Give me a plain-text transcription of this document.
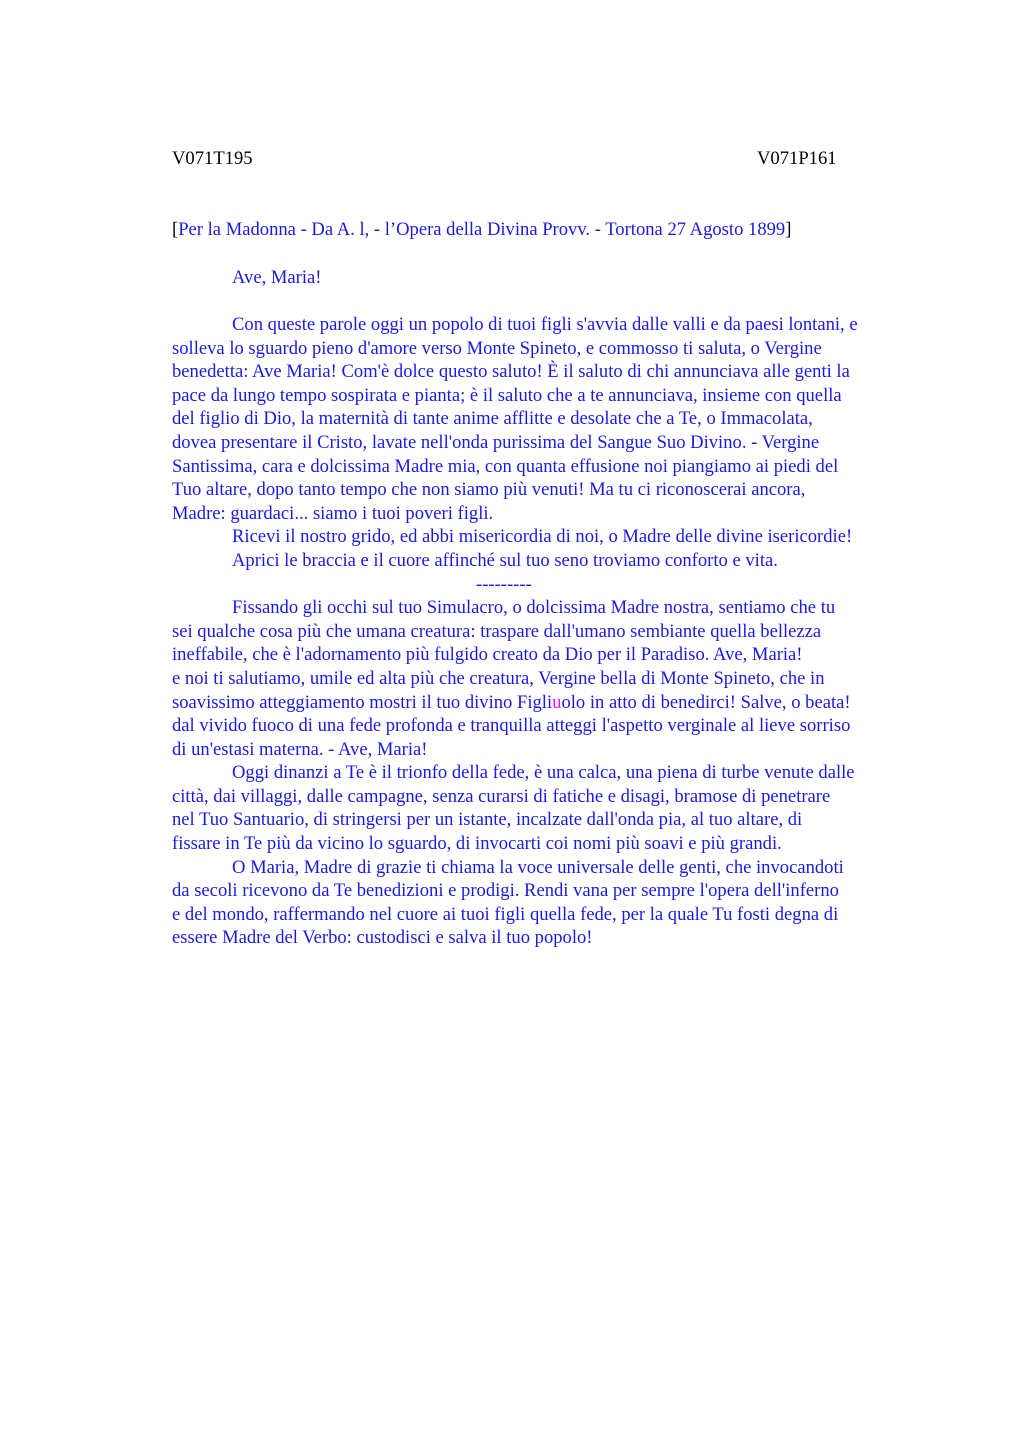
V071T195	V071P161
[Per la Madonna - Da A. l, - l’Opera della Divina Provv. - Tortona 27 Agosto 1899]
Ave, Maria!
Con queste parole oggi un popolo di tuoi figli s'avvia dalle valli e da paesi lontani, e
solleva lo sguardo pieno d'amore verso Monte Spineto, e commosso ti saluta, o Vergine
benedetta: Ave Maria! Com'è dolce questo saluto! È il saluto di chi annunciava alle genti la
pace da lungo tempo sospirata e pianta; è il saluto che a te annunciava, insieme con quella
del figlio di Dio, la maternità di tante anime afflitte e desolate che a Te, o Immacolata,
dovea presentare il Cristo, lavate nell'onda purissima del Sangue Suo Divino. - Vergine
Santissima, cara e dolcissima Madre mia, con quanta effusione noi piangiamo ai piedi del
Tuo altare, dopo tanto tempo che non siamo più venuti! Ma tu ci riconoscerai ancora,
Madre: guardaci... siamo i tuoi poveri figli.
Ricevi il nostro grido, ed abbi misericordia di noi, o Madre delle divine isericordie!
Aprici le braccia e il cuore affinché sul tuo seno troviamo conforto e vita.
---------
Fissando gli occhi sul tuo Simulacro, o dolcissima Madre nostra, sentiamo che tu
sei qualche cosa più che umana creatura: traspare dall'umano sembiante quella bellezza
ineffabile, che è l'adornamento più fulgido creato da Dio per il Paradiso. Ave, Maria!
e noi ti salutiamo, umile ed alta più che creatura, Vergine bella di Monte Spineto, che in
soavissimo atteggiamento mostri il tuo divino Figliuolo in atto di benedirci! Salve, o beata!
dal vivido fuoco di una fede profonda e tranquilla atteggi l'aspetto verginale al lieve sorriso
di un'estasi materna. - Ave, Maria!
Oggi dinanzi a Te è il trionfo della fede, è una calca, una piena di turbe venute dalle
città, dai villaggi, dalle campagne, senza curarsi di fatiche e disagi, bramose di penetrare
nel Tuo Santuario, di stringersi per un istante, incalzate dall'onda pia, al tuo altare, di
fissare in Te più da vicino lo sguardo, di invocarti coi nomi più soavi e più grandi.
O Maria, Madre di grazie ti chiama la voce universale delle genti, che invocandoti
da secoli ricevono da Te benedizioni e prodigi. Rendi vana per sempre l'opera dell'inferno
e del mondo, raffermando nel cuore ai tuoi figli quella fede, per la quale Tu fosti degna di
essere Madre del Verbo: custodisci e salva il tuo popolo!
